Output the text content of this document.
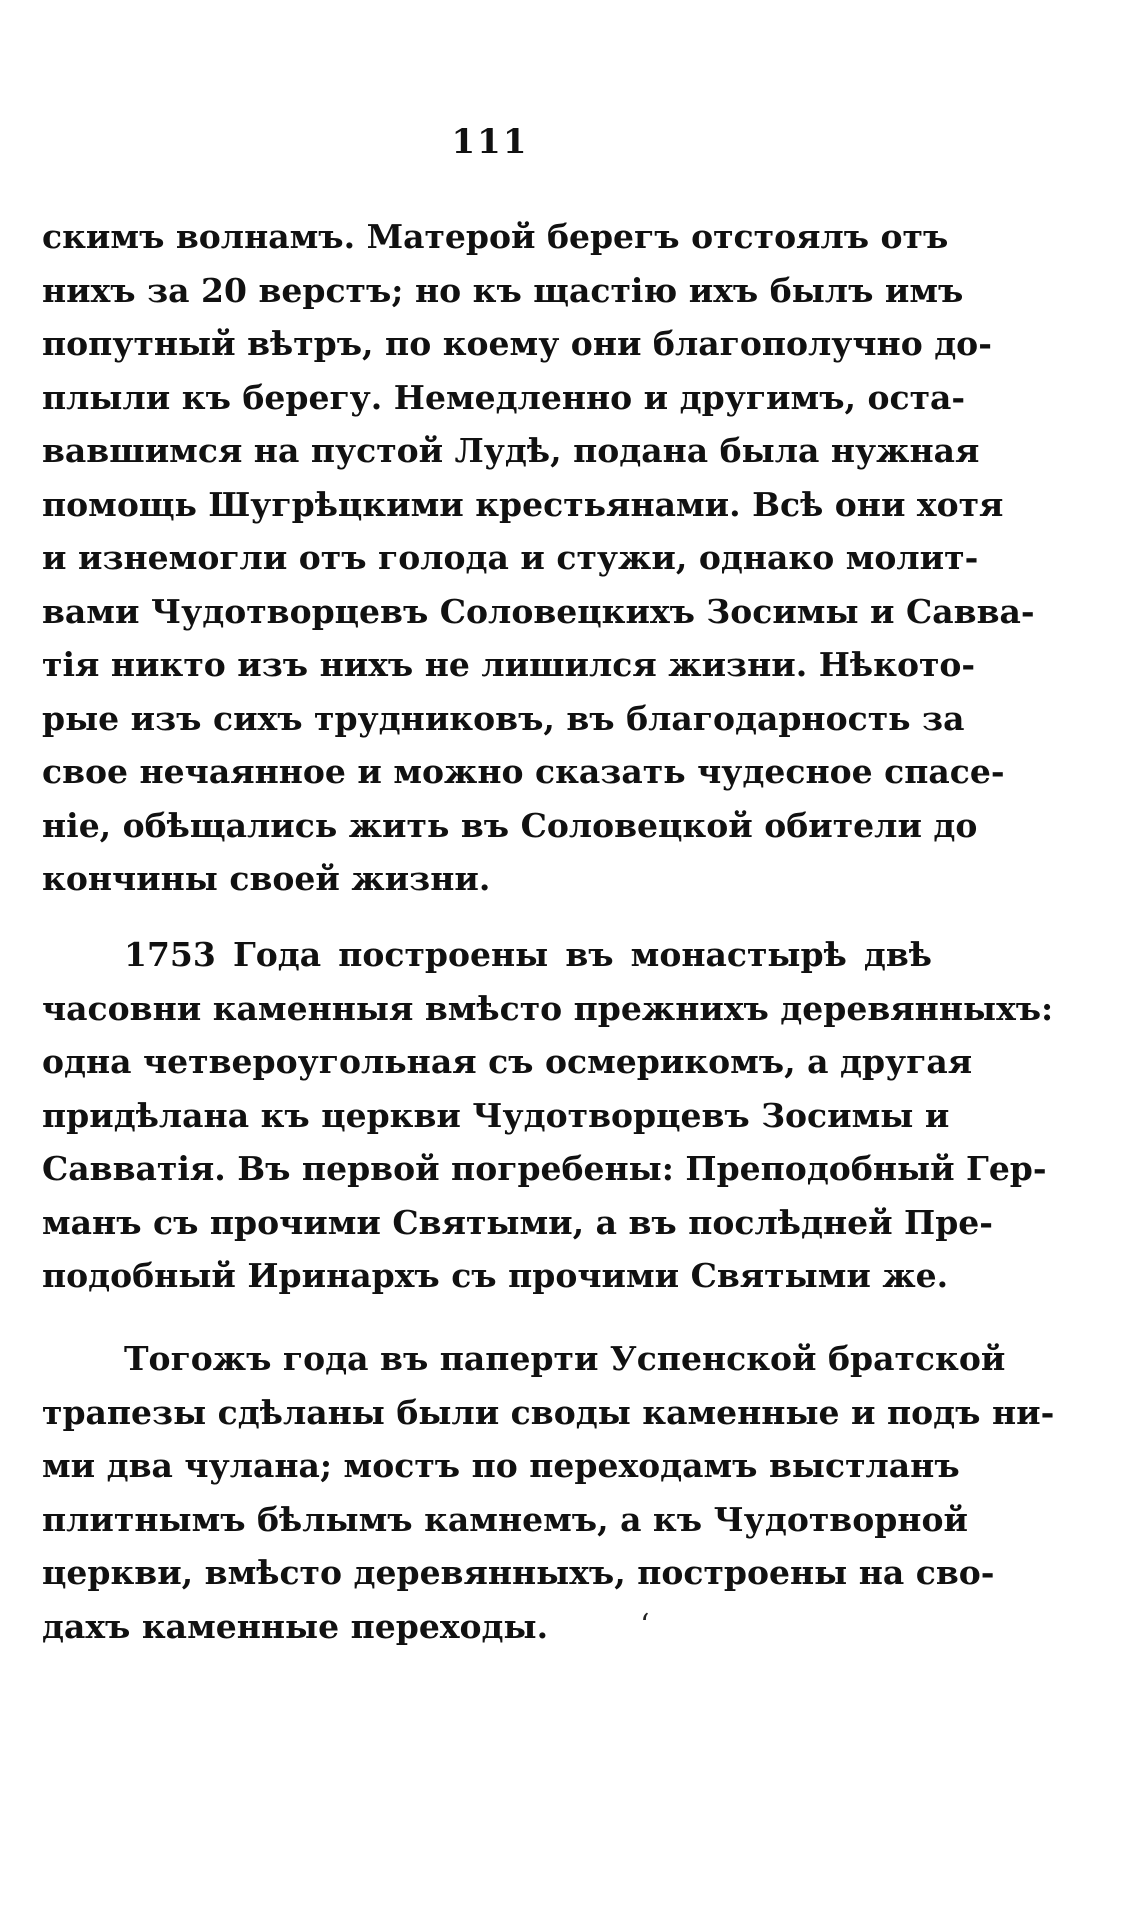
111
скимъ волнамъ. Матерой берегъ отстоялъ отъ
нихъ за 20 верстъ; но къ щастію ихъ былъ имъ
попутный вѣтръ, по коему они благополучно до-
плыли къ берегу. Немедленно и другимъ, оста-
вавшимся на пустой Лудѣ, подана была нужная
помощь Шугрѣцкими крестьянами. Всѣ они хотя
и изнемогли отъ голода и стужи, однако молит-
вами Чудотворцевъ Соловецкихъ Зосимы и Савва-
тія никто изъ нихъ не лишился жизни. Нѣкото-
рые изъ сихъ трудниковъ, въ благодарность за
свое нечаянное и можно сказать чудесное спасе-
ніе, обѣщались жить въ Соловецкой обители до
кончины своей жизни.
1753 Года построены въ монастырѣ двѣ
часовни каменныя вмѣсто прежнихъ деревянныхъ:
одна четвероугольная съ осмерикомъ, а другая
придѣлана къ церкви Чудотворцевъ Зосимы и
Савватія. Въ первой погребены: Преподобный Гер-
манъ съ прочими Святыми, а въ послѣдней Пре-
подобный Иринархъ съ прочими Святыми же.
Тогожъ года въ паперти Успенской братской
трапезы сдѣланы были своды каменные и подъ ни-
ми два чулана; мостъ по переходамъ выстланъ
плитнымъ бѣлымъ камнемъ, а къ Чудотворной
церкви, вмѣсто деревянныхъ, построены на сво-
дахъ каменные переходы.	ʻ
